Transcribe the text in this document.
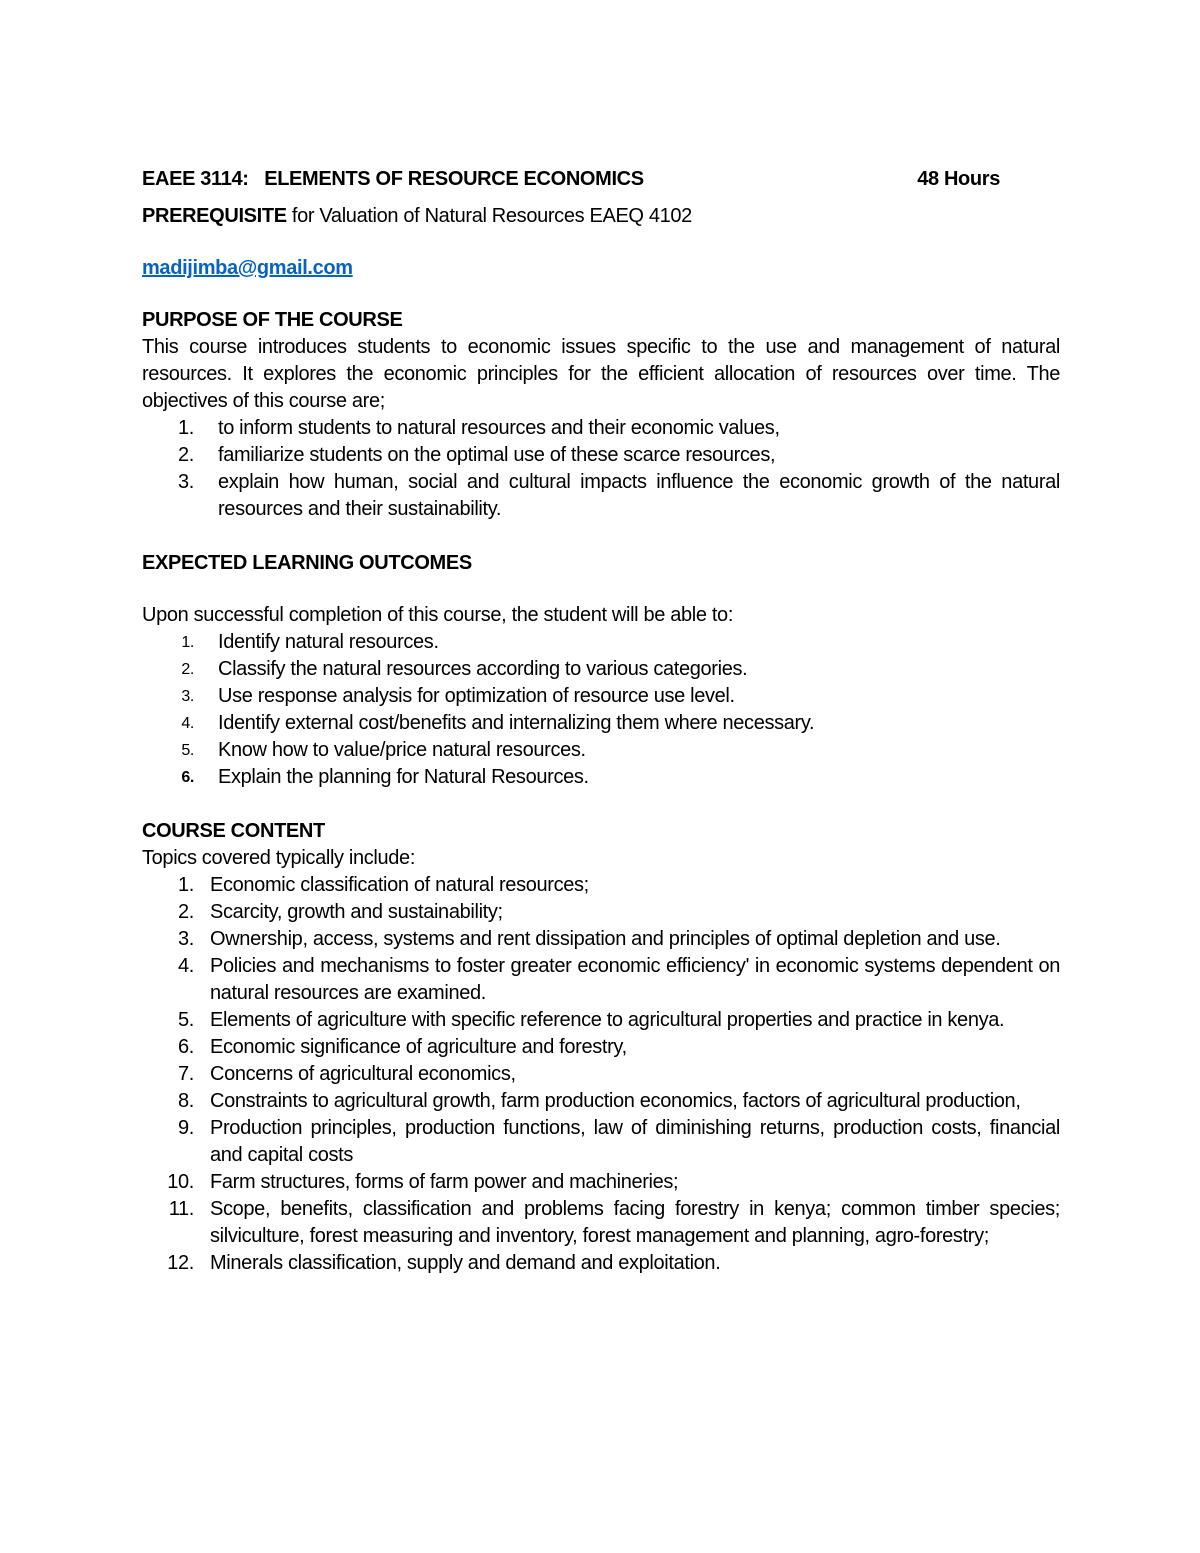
EAEE 3114: ELEMENTS OF RESOURCE ECONOMICS	48 Hours
PREREQUISITE for Valuation of Natural Resources EAEQ 4102
madijimba@gmail.com

PURPOSE OF THE COURSE

This course introduces students to economic issues specific to the use and management of natural resources. It explores the economic principles for the efficient allocation of resources over time. The objectives of this course are;

1. to inform students to natural resources and their economic values,
2. familiarize students on the optimal use of these scarce resources,
3. explain how human, social and cultural impacts influence the economic growth of the natural resources and their sustainability.

EXPECTED LEARNING OUTCOMES

Upon successful completion of this course, the student will be able to:

1. Identify natural resources.
2. Classify the natural resources according to various categories.
3. Use response analysis for optimization of resource use level.
4. Identify external cost/benefits and internalizing them where necessary.
5. Know how to value/price natural resources.
6. Explain the planning for Natural Resources.

COURSE CONTENT

Topics covered typically include:

1. Economic classification of natural resources;
2. Scarcity, growth and sustainability;
3. Ownership, access, systems and rent dissipation and principles of optimal depletion and use.
4. Policies and mechanisms to foster greater economic efficiency' in economic systems dependent on natural resources are examined.
5. Elements of agriculture with specific reference to agricultural properties and practice in kenya.
6. Economic significance of agriculture and forestry,
7. Concerns of agricultural economics,
8. Constraints to agricultural growth, farm production economics, factors of agricultural production,
9. Production principles, production functions, law of diminishing returns, production costs, financial and capital costs
10. Farm structures, forms of farm power and machineries;
11. Scope, benefits, classification and problems facing forestry in kenya; common timber species; silviculture, forest measuring and inventory, forest management and planning, agro-forestry;
12. Minerals classification, supply and demand and exploitation.
